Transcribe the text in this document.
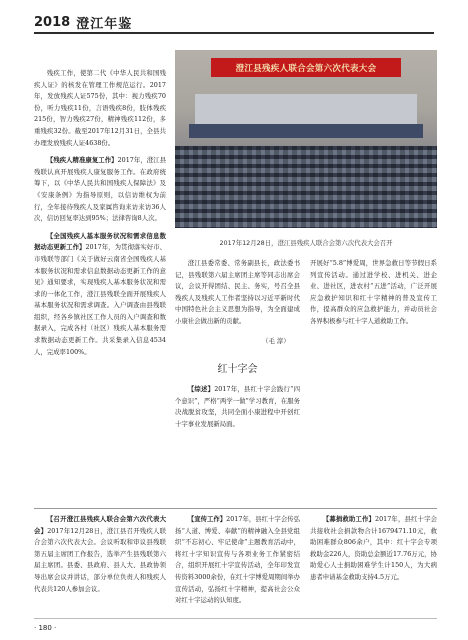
2018 澄江年鉴

残疾工作，使第二代《中华人民共和国残疾人证》的核发在管理工作规范运行。2017年，发放残疾人证575份，其中：视力残疾70份，听力残疾11份，言语残疾8份，肢体残疾215份，智力残疾27份，精神残疾112份，多重残疾32份。截至2017年12月31日，全县共办理发放残疾人证4638份。

【残疾人精准康复工作】2017年，澄江县残联认真开展残疾人康复服务工作。在政府统筹下，以《中华人民共和国残疾人保障法》及《安康条例》为指导原则，以信访维权为前行，全年接待残疾人及家属咨询来访来访36人次，信访回复率达到95%；法律咨询8人次。

【全国残疾人基本服务状况和需求信息数据动态更新工作】2017年，为贯彻落实好市、市残联等部门《关于做好云南省全国残疾人基本服务状况和需求信息数据动态更新工作的意见》通知要求，实现残疾人基本服务状况和需求的一体化工作，澄江县残联全面开展残疾人基本服务状况和需求调查。入户调查由县残联组织，经各乡镇社区工作人员的入户调查和数据录入，完成各村（社区）残疾人基本服务需求数据动态更新工作。共采集录入信息4534人，完成率100%。

【召开澄江县残疾人联合会第六次代表大会】2017年12月28日，澄江县召开残疾人联合会第六次代表大会。会议听取和审议县残联第五届主席团工作报告，选举产生县残联第六届主席团。县委、县政府、县人大、县政协领导出席会议并讲话，部分单位负责人和残疾人代表共120人参加会议。

澄江县残疾人联合会第六次代表大会
2017年12月28日，澄江县残疾人联合会第六次代表大会召开

澄江县委常委、常务副县长，政法委书记，县残联第六届主席团主席等同志出席会议，会议开得团结、民主、务实，号召全县残疾人及残疾人工作者坚持以习近平新时代中国特色社会主义思想为指导，为全面建成小康社会做出新的贡献。

（毛 淳）
红十字会

【综述】2017年，县红十字会践行“四个意识”，严格“两学一做”学习教育，在服务决战脱贫攻坚，共同全面小康进程中开创红十字事业发展新局面。

【宣传工作】2017年，县红十字会传弘扬“人道、博爱、奉献”的精神融入全县党组织“不忘初心、牢记使命”主题教育活动中，将红十字知识宣传与各项业务工作紧密结合，组织开展红十字宣传活动，全年印发宣传资料3000余份，在红十字博爱周期间举办宣传活动，弘扬红十字精神，提高社会公众对红十字运动的认知度。

开展好“5.8”博爱周，世界急救日等节假日系列宣传活动。通过进学校、进机关、进企业、进社区，进农村“五进”活动，广泛开展应急救护知识和红十字精神的普及宣传工作，提高群众的应急救护能力，并动员社会各界积极参与红十字人道救助工作。

【募捐救助工作】2017年，县红十字会共接收社会捐款物合计1679471.10元，救助困难群众806余户，其中：红十字会专项救助金226人，资助总金额近17.76万元，协助爱心人士捐助困难学生计150人，为大病患者申请基金救助支持4.5万元。

· 180 ·
